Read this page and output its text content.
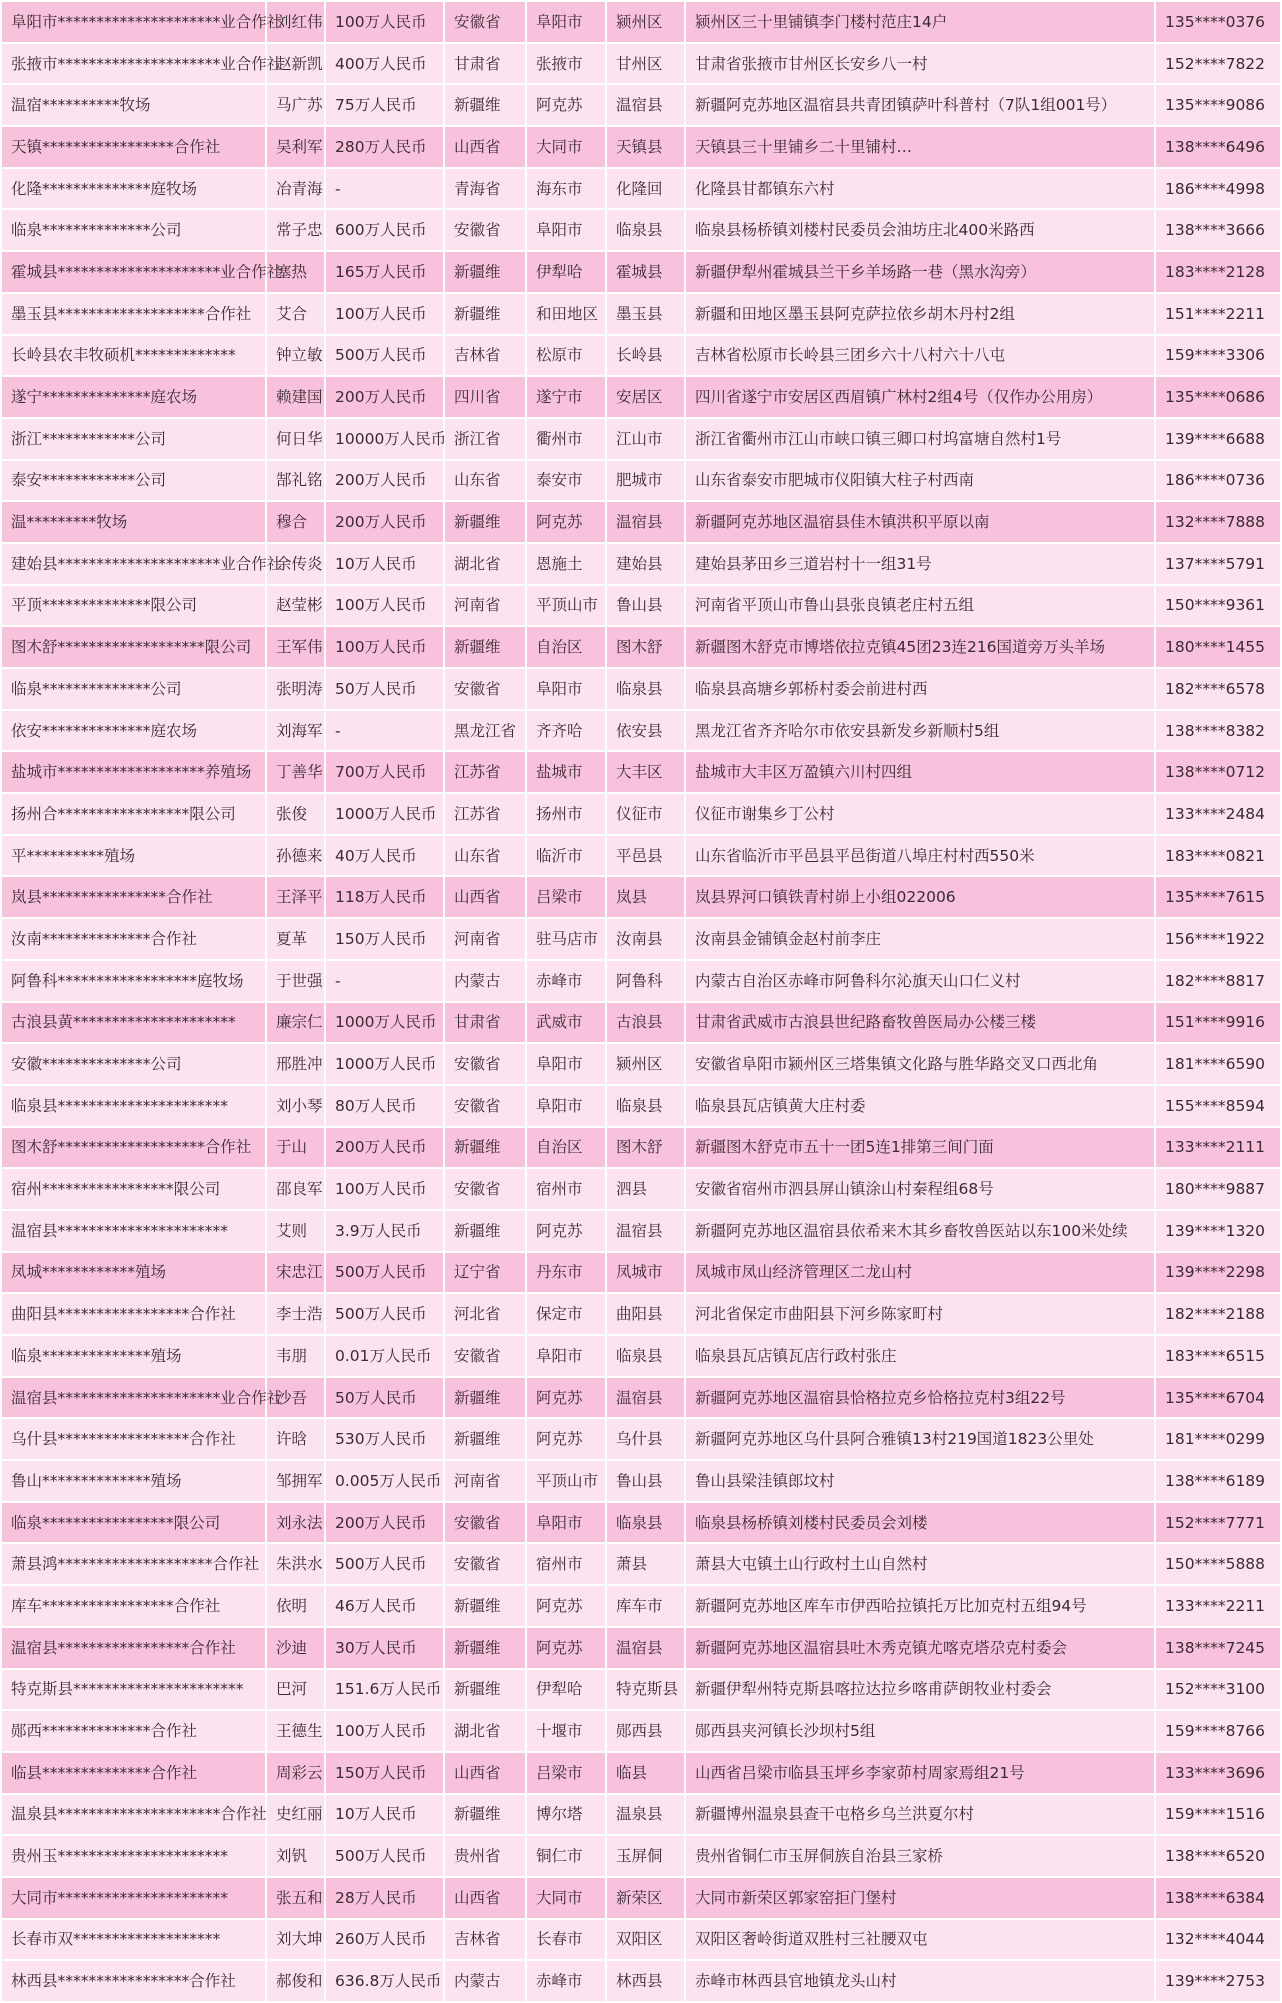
阜阳市*********************业合作社	刘红伟	100万人民币	安徽省	阜阳市	颍州区	颍州区三十里铺镇李门楼村范庄14户	135****0376
张掖市*********************业合作社	赵新凯	400万人民币	甘肃省	张掖市	甘州区	甘肃省张掖市甘州区长安乡八一村	152****7822
温宿**********牧场	马广苏	75万人民币	新疆维	阿克苏	温宿县	新疆阿克苏地区温宿县共青团镇萨叶科普村（7队1组001号）	135****9086
天镇*****************合作社	吴利军	280万人民币	山西省	大同市	天镇县	天镇县三十里铺乡二十里铺村…	138****6496
化隆**************庭牧场	冶青海	-	青海省	海东市	化隆回	化隆县甘都镇东六村	186****4998
临泉**************公司	常子忠	600万人民币	安徽省	阜阳市	临泉县	临泉县杨桥镇刘楼村民委员会油坊庄北400米路西	138****3666
霍城县*********************业合作社	塞热	165万人民币	新疆维	伊犁哈	霍城县	新疆伊犁州霍城县兰干乡羊场路一巷（黑水沟旁）	183****2128
墨玉县*******************合作社	艾合	100万人民币	新疆维	和田地区	墨玉县	新疆和田地区墨玉县阿克萨拉依乡胡木丹村2组	151****2211
长岭县农丰牧硕机*************	钟立敏	500万人民币	吉林省	松原市	长岭县	吉林省松原市长岭县三团乡六十八村六十八屯	159****3306
遂宁**************庭农场	赖建国	200万人民币	四川省	遂宁市	安居区	四川省遂宁市安居区西眉镇广林村2组4号（仅作办公用房）	135****0686
浙江************公司	何日华	10000万人民币	浙江省	衢州市	江山市	浙江省衢州市江山市峡口镇三卿口村坞富塘自然村1号	139****6688
泰安************公司	郜礼铭	200万人民币	山东省	泰安市	肥城市	山东省泰安市肥城市仪阳镇大柱子村西南	186****0736
温*********牧场	穆合	200万人民币	新疆维	阿克苏	温宿县	新疆阿克苏地区温宿县佳木镇洪积平原以南	132****7888
建始县*********************业合作社	余传炎	10万人民币	湖北省	恩施土	建始县	建始县茅田乡三道岩村十一组31号	137****5791
平顶**************限公司	赵莹彬	100万人民币	河南省	平顶山市	鲁山县	河南省平顶山市鲁山县张良镇老庄村五组	150****9361
图木舒*******************限公司	王军伟	100万人民币	新疆维	自治区	图木舒	新疆图木舒克市博塔依拉克镇45团23连216国道旁万头羊场	180****1455
临泉**************公司	张明涛	50万人民币	安徽省	阜阳市	临泉县	临泉县高塘乡郭桥村委会前进村西	182****6578
依安**************庭农场	刘海军	-	黑龙江省	齐齐哈	依安县	黑龙江省齐齐哈尔市依安县新发乡新顺村5组	138****8382
盐城市*******************养殖场	丁善华	700万人民币	江苏省	盐城市	大丰区	盐城市大丰区万盈镇六川村四组	138****0712
扬州合*****************限公司	张俊	1000万人民币	江苏省	扬州市	仪征市	仪征市谢集乡丁公村	133****2484
平**********殖场	孙德来	40万人民币	山东省	临沂市	平邑县	山东省临沂市平邑县平邑街道八埠庄村村西550米	183****0821
岚县****************合作社	王泽平	118万人民币	山西省	吕梁市	岚县	岚县界河口镇铁青村峁上小组022006	135****7615
汝南**************合作社	夏革	150万人民币	河南省	驻马店市	汝南县	汝南县金铺镇金赵村前李庄	156****1922
阿鲁科******************庭牧场	于世强	-	内蒙古	赤峰市	阿鲁科	内蒙古自治区赤峰市阿鲁科尔沁旗天山口仁义村	182****8817
古浪县黄*********************	廉宗仁	1000万人民币	甘肃省	武威市	古浪县	甘肃省武威市古浪县世纪路畜牧兽医局办公楼三楼	151****9916
安徽**************公司	邢胜冲	1000万人民币	安徽省	阜阳市	颍州区	安徽省阜阳市颍州区三塔集镇文化路与胜华路交叉口西北角	181****6590
临泉县**********************	刘小琴	80万人民币	安徽省	阜阳市	临泉县	临泉县瓦店镇黄大庄村委	155****8594
图木舒*******************合作社	于山	200万人民币	新疆维	自治区	图木舒	新疆图木舒克市五十一团5连1排第三间门面	133****2111
宿州*****************限公司	邵良军	100万人民币	安徽省	宿州市	泗县	安徽省宿州市泗县屏山镇涂山村秦程组68号	180****9887
温宿县**********************	艾则	3.9万人民币	新疆维	阿克苏	温宿县	新疆阿克苏地区温宿县依希来木其乡畜牧兽医站以东100米处续	139****1320
凤城************殖场	宋忠江	500万人民币	辽宁省	丹东市	凤城市	凤城市凤山经济管理区二龙山村	139****2298
曲阳县*****************合作社	李士浩	500万人民币	河北省	保定市	曲阳县	河北省保定市曲阳县下河乡陈家町村	182****2188
临泉**************殖场	韦朋	0.01万人民币	安徽省	阜阳市	临泉县	临泉县瓦店镇瓦店行政村张庄	183****6515
温宿县*********************业合作社	沙吾	50万人民币	新疆维	阿克苏	温宿县	新疆阿克苏地区温宿县恰格拉克乡恰格拉克村3组22号	135****6704
乌什县*****************合作社	许晗	530万人民币	新疆维	阿克苏	乌什县	新疆阿克苏地区乌什县阿合雅镇13村219国道1823公里处	181****0299
鲁山**************殖场	邹拥军	0.005万人民币	河南省	平顶山市	鲁山县	鲁山县梁洼镇郎坟村	138****6189
临泉*****************限公司	刘永法	200万人民币	安徽省	阜阳市	临泉县	临泉县杨桥镇刘楼村民委员会刘楼	152****7771
萧县鸿********************合作社	朱洪水	500万人民币	安徽省	宿州市	萧县	萧县大屯镇土山行政村土山自然村	150****5888
库车*****************合作社	依明	46万人民币	新疆维	阿克苏	库车市	新疆阿克苏地区库车市伊西哈拉镇托万比加克村五组94号	133****2211
温宿县*****************合作社	沙迪	30万人民币	新疆维	阿克苏	温宿县	新疆阿克苏地区温宿县吐木秀克镇尤喀克塔尕克村委会	138****7245
特克斯县**********************	巴河	151.6万人民币	新疆维	伊犁哈	特克斯县	新疆伊犁州特克斯县喀拉达拉乡喀甫萨朗牧业村委会	152****3100
郧西**************合作社	王德生	100万人民币	湖北省	十堰市	郧西县	郧西县夹河镇长沙坝村5组	159****8766
临县**************合作社	周彩云	150万人民币	山西省	吕梁市	临县	山西省吕梁市临县玉坪乡李家茆村周家焉组21号	133****3696
温泉县*********************合作社	史红丽	10万人民币	新疆维	博尔塔	温泉县	新疆博州温泉县查干屯格乡乌兰洪夏尔村	159****1516
贵州玉**********************	刘钒	500万人民币	贵州省	铜仁市	玉屏侗	贵州省铜仁市玉屏侗族自治县三家桥	138****6520
大同市**********************	张五和	28万人民币	山西省	大同市	新荣区	大同市新荣区郭家窑拒门堡村	138****6384
长春市双*******************	刘大坤	260万人民币	吉林省	长春市	双阳区	双阳区奢岭街道双胜村三社腰双屯	132****4044
林西县*****************合作社	郝俊和	636.8万人民币	内蒙古	赤峰市	林西县	赤峰市林西县官地镇龙头山村	139****2753
